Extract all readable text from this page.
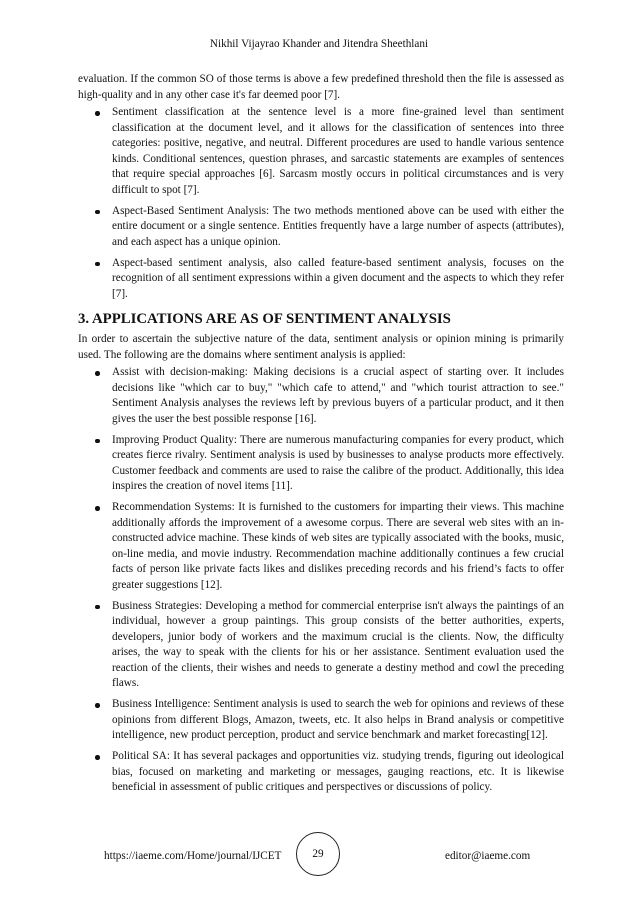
Nikhil Vijayrao Khander and Jitendra Sheethlani

evaluation. If the common SO of those terms is above a few predefined threshold then the file is assessed as high-quality and in any other case it's far deemed poor [7].

Sentiment classification at the sentence level is a more fine-grained level than sentiment classification at the document level, and it allows for the classification of sentences into three categories: positive, negative, and neutral. Different procedures are used to handle various sentence kinds. Conditional sentences, question phrases, and sarcastic statements are examples of sentences that require special approaches [6]. Sarcasm mostly occurs in political circumstances and is very difficult to spot [7].
Aspect-Based Sentiment Analysis: The two methods mentioned above can be used with either the entire document or a single sentence. Entities frequently have a large number of aspects (attributes), and each aspect has a unique opinion.
Aspect-based sentiment analysis, also called feature-based sentiment analysis, focuses on the recognition of all sentiment expressions within a given document and the aspects to which they refer [7].
3. APPLICATIONS ARE AS OF SENTIMENT ANALYSIS

In order to ascertain the subjective nature of the data, sentiment analysis or opinion mining is primarily used. The following are the domains where sentiment analysis is applied:

Assist with decision-making: Making decisions is a crucial aspect of starting over. It includes decisions like "which car to buy," "which cafe to attend," and "which tourist attraction to see." Sentiment Analysis analyses the reviews left by previous buyers of a particular product, and it then gives the user the best possible response [16].
Improving Product Quality: There are numerous manufacturing companies for every product, which creates fierce rivalry. Sentiment analysis is used by businesses to analyse products more effectively. Customer feedback and comments are used to raise the calibre of the product. Additionally, this idea inspires the creation of novel items [11].
Recommendation Systems: It is furnished to the customers for imparting their views. This machine additionally affords the improvement of a awesome corpus. There are several web sites with an in-constructed advice machine. These kinds of web sites are typically associated with the books, music, on-line media, and movie industry. Recommendation machine additionally continues a few crucial facts of person like private facts likes and dislikes preceding records and his friend’s facts to offer greater suggestions [12].
Business Strategies: Developing a method for commercial enterprise isn't always the paintings of an individual, however a group paintings. This group consists of the better authorities, experts, developers, junior body of workers and the maximum crucial is the clients. Now, the difficulty arises, the way to speak with the clients for his or her assistance. Sentiment evaluation used the reaction of the clients, their wishes and needs to generate a destiny method and cowl the preceding flaws.
Business Intelligence: Sentiment analysis is used to search the web for opinions and reviews of these opinions from different Blogs, Amazon, tweets, etc. It also helps in Brand analysis or competitive intelligence, new product perception, product and service benchmark and market forecasting[12].
Political SA: It has several packages and opportunities viz. studying trends, figuring out ideological bias, focused on marketing and marketing or messages, gauging reactions, etc. It is likewise beneficial in assessment of public critiques and perspectives or discussions of policy.
https://iaeme.com/Home/journal/IJCET	29	editor@iaeme.com
